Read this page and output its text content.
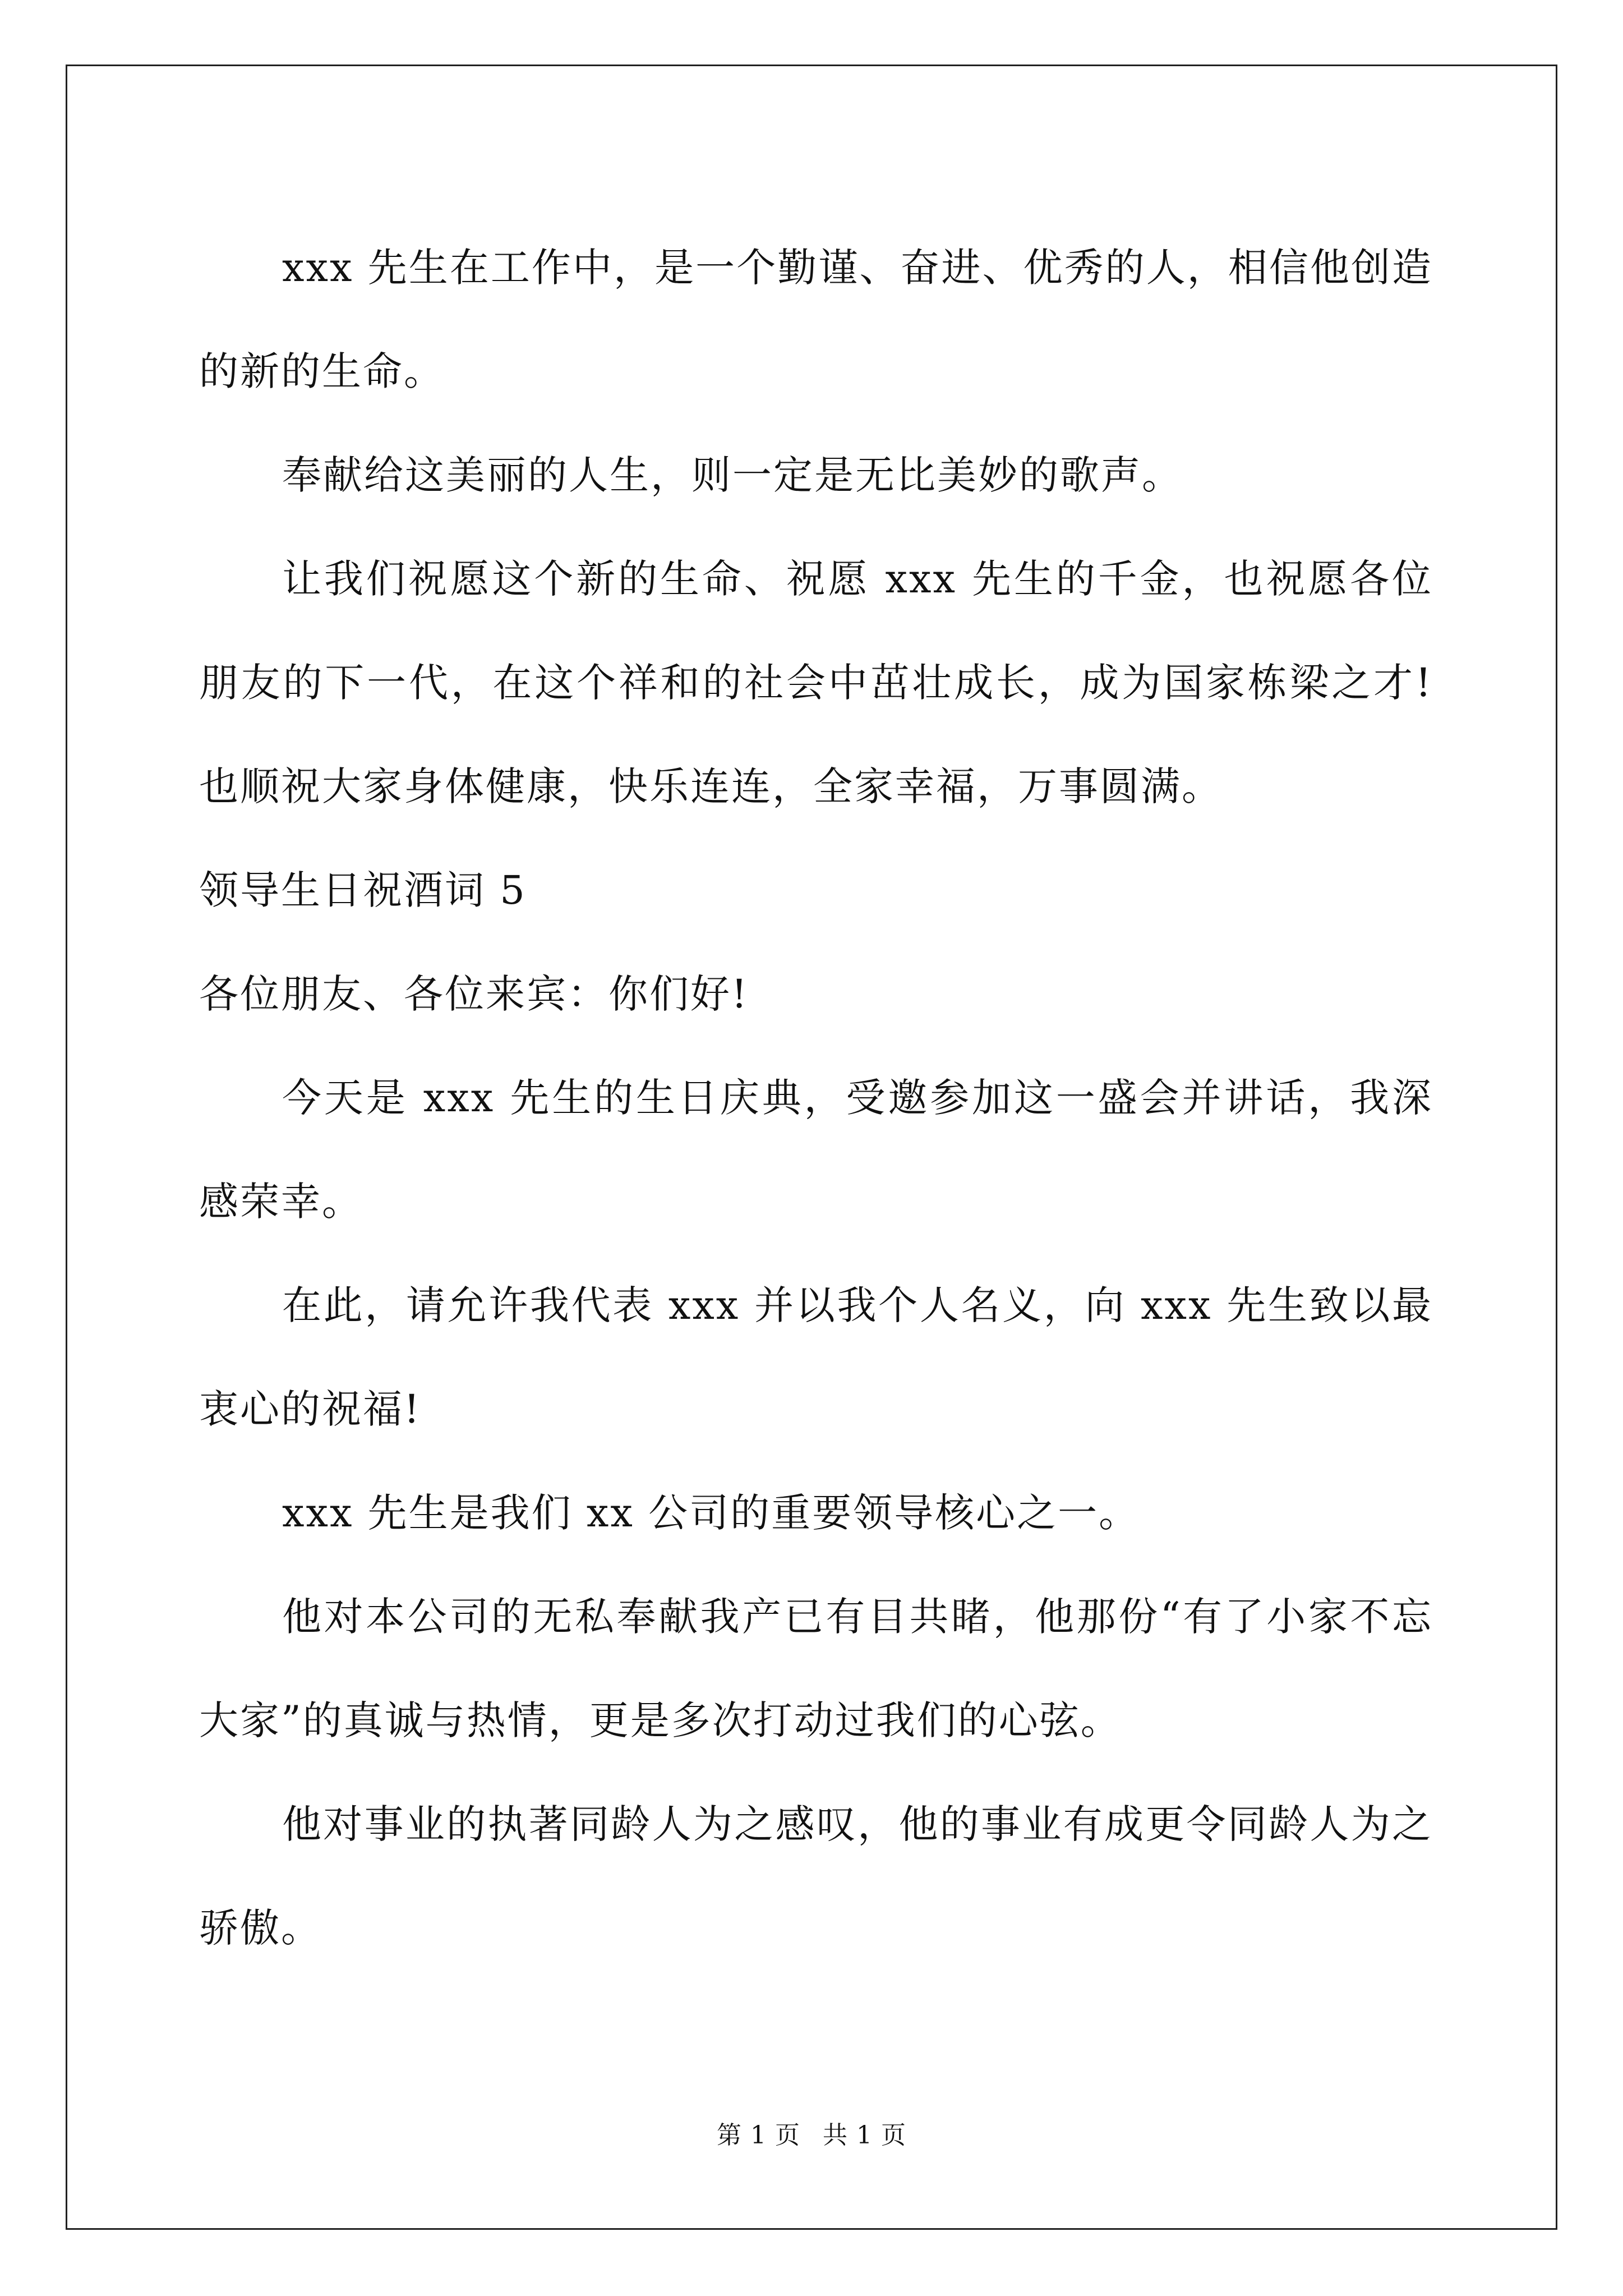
xxx 先生在工作中，是一个勤谨、奋进、优秀的人，相信他创造的新的生命。

奉献给这美丽的人生，则一定是无比美妙的歌声。

让我们祝愿这个新的生命、祝愿 xxx 先生的千金，也祝愿各位朋友的下一代，在这个祥和的社会中茁壮成长，成为国家栋梁之才!也顺祝大家身体健康，快乐连连，全家幸福，万事圆满。

领导生日祝酒词 5

各位朋友、各位来宾：你们好!

今天是 xxx 先生的生日庆典，受邀参加这一盛会并讲话，我深感荣幸。

在此，请允许我代表 xxx 并以我个人名义，向 xxx 先生致以最衷心的祝福!

xxx 先生是我们 xx 公司的重要领导核心之一。

他对本公司的无私奉献我产已有目共睹，他那份“有了小家不忘大家”的真诚与热情，更是多次打动过我们的心弦。

他对事业的执著同龄人为之感叹，他的事业有成更令同龄人为之骄傲。

第 1 页 共 1 页
